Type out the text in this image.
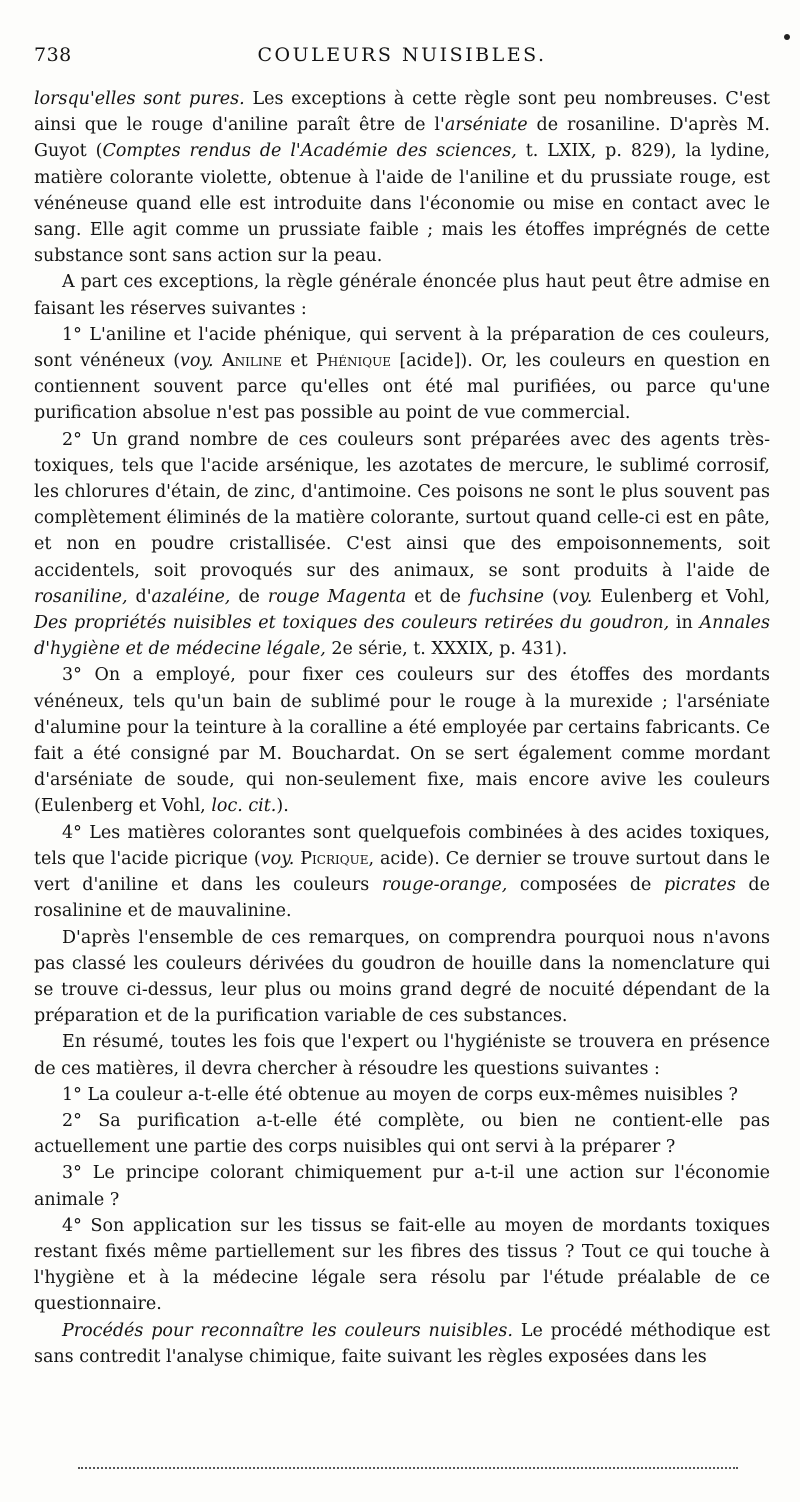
738	COULEURS NUISIBLES.

lorsqu'elles sont pures. Les exceptions à cette règle sont peu nombreuses. C'est ainsi que le rouge d'aniline paraît être de l'arséniate de rosaniline. D'après M. Guyot (Comptes rendus de l'Académie des sciences, t. LXIX, p. 829), la lydine, matière colorante violette, obtenue à l'aide de l'aniline et du prussiate rouge, est vénéneuse quand elle est introduite dans l'économie ou mise en contact avec le sang. Elle agit comme un prussiate faible ; mais les étoffes imprégnés de cette substance sont sans action sur la peau.

A part ces exceptions, la règle générale énoncée plus haut peut être admise en faisant les réserves suivantes :

1° L'aniline et l'acide phénique, qui servent à la préparation de ces couleurs, sont vénéneux (voy. Aniline et Phénique [acide]). Or, les couleurs en question en contiennent souvent parce qu'elles ont été mal purifiées, ou parce qu'une purification absolue n'est pas possible au point de vue commercial.

2° Un grand nombre de ces couleurs sont préparées avec des agents très-toxiques, tels que l'acide arsénique, les azotates de mercure, le sublimé corrosif, les chlorures d'étain, de zinc, d'antimoine. Ces poisons ne sont le plus souvent pas complètement éliminés de la matière colorante, surtout quand celle-ci est en pâte, et non en poudre cristallisée. C'est ainsi que des empoisonnements, soit accidentels, soit provoqués sur des animaux, se sont produits à l'aide de rosaniline, d'azaléine, de rouge Magenta et de fuchsine (voy. Eulenberg et Vohl, Des propriétés nuisibles et toxiques des couleurs retirées du goudron, in Annales d'hygiène et de médecine légale, 2e série, t. XXXIX, p. 431).

3° On a employé, pour fixer ces couleurs sur des étoffes des mordants vénéneux, tels qu'un bain de sublimé pour le rouge à la murexide ; l'arséniate d'alumine pour la teinture à la coralline a été employée par certains fabricants. Ce fait a été consigné par M. Bouchardat. On se sert également comme mordant d'arséniate de soude, qui non-seulement fixe, mais encore avive les couleurs (Eulenberg et Vohl, loc. cit.).

4° Les matières colorantes sont quelquefois combinées à des acides toxiques, tels que l'acide picrique (voy. Picrique, acide). Ce dernier se trouve surtout dans le vert d'aniline et dans les couleurs rouge-orange, composées de picrates de rosalinine et de mauvalinine.

D'après l'ensemble de ces remarques, on comprendra pourquoi nous n'avons pas classé les couleurs dérivées du goudron de houille dans la nomenclature qui se trouve ci-dessus, leur plus ou moins grand degré de nocuité dépendant de la préparation et de la purification variable de ces substances.

En résumé, toutes les fois que l'expert ou l'hygiéniste se trouvera en présence de ces matières, il devra chercher à résoudre les questions suivantes :

1° La couleur a-t-elle été obtenue au moyen de corps eux-mêmes nuisibles ?

2° Sa purification a-t-elle été complète, ou bien ne contient-elle pas actuellement une partie des corps nuisibles qui ont servi à la préparer ?

3° Le principe colorant chimiquement pur a-t-il une action sur l'économie animale ?

4° Son application sur les tissus se fait-elle au moyen de mordants toxiques restant fixés même partiellement sur les fibres des tissus ? Tout ce qui touche à l'hygiène et à la médecine légale sera résolu par l'étude préalable de ce questionnaire.

Procédés pour reconnaître les couleurs nuisibles. Le procédé méthodique est sans contredit l'analyse chimique, faite suivant les règles exposées dans les
